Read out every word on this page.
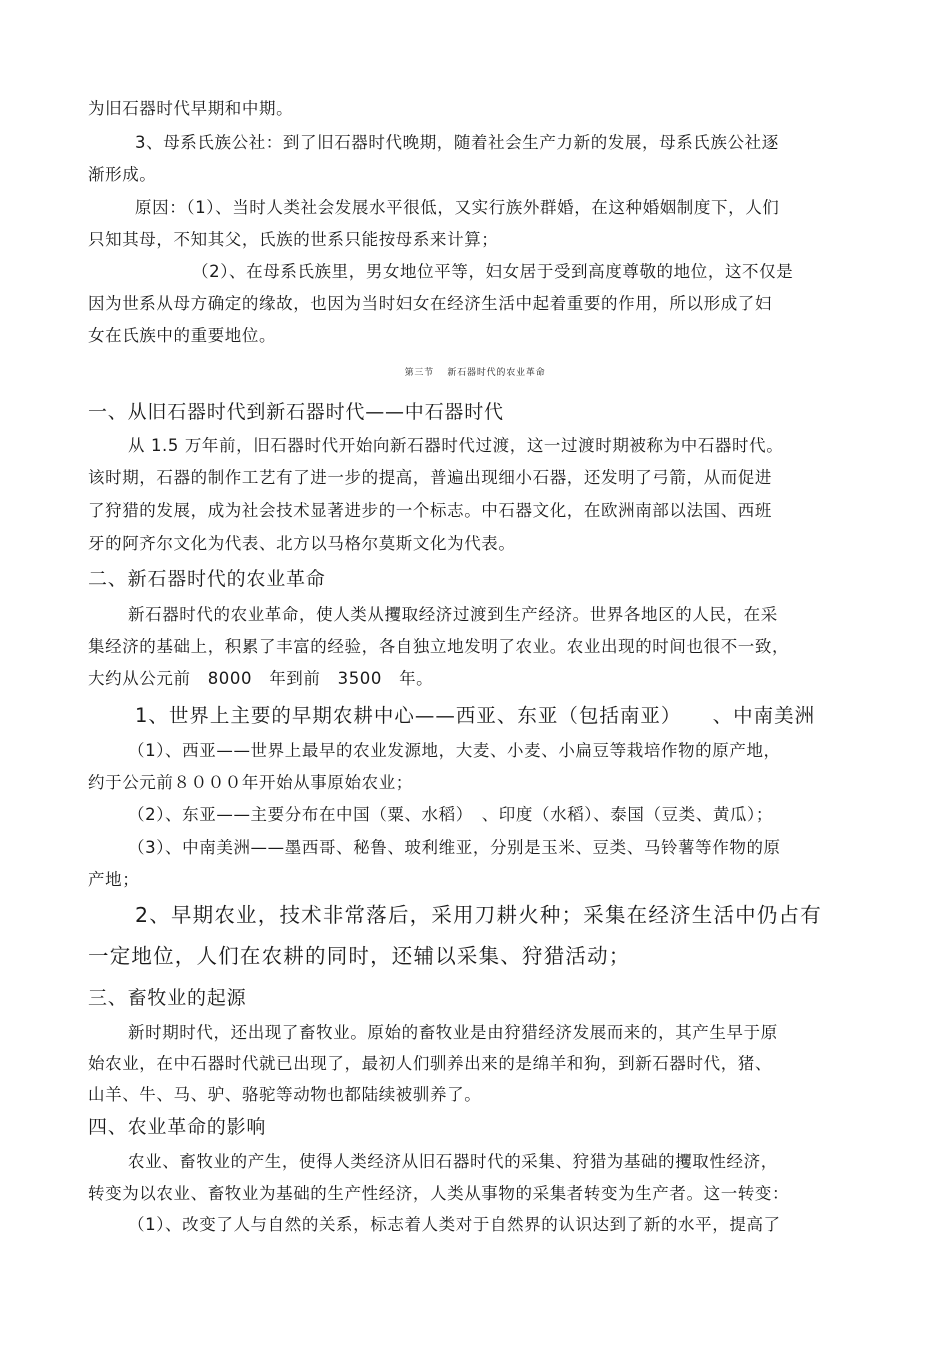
为旧石器时代早期和中期。
3、母系氏族公社：到了旧石器时代晚期，随着社会生产力新的发展，母系氏族公社逐
渐形成。
原因：（1）、当时人类社会发展水平很低，又实行族外群婚，在这种婚姻制度下，人们
只知其母，不知其父，氏族的世系只能按母系来计算；
（2）、在母系氏族里，男女地位平等，妇女居于受到高度尊敬的地位，这不仅是
因为世系从母方确定的缘故，也因为当时妇女在经济生活中起着重要的作用，所以形成了妇
女在氏族中的重要地位。
第三节　 新石器时代的农业革命
一、从旧石器时代到新石器时代——中石器时代
从 1.5 万年前，旧石器时代开始向新石器时代过渡，这一过渡时期被称为中石器时代。
该时期，石器的制作工艺有了进一步的提高，普遍出现细小石器，还发明了弓箭，从而促进
了狩猎的发展，成为社会技术显著进步的一个标志。中石器文化，在欧洲南部以法国、西班
牙的阿齐尔文化为代表、北方以马格尔莫斯文化为代表。
二、新石器时代的农业革命
新石器时代的农业革命，使人类从攫取经济过渡到生产经济。世界各地区的人民，在采
集经济的基础上，积累了丰富的经验，各自独立地发明了农业。农业出现的时间也很不一致，
大约从公元前　8000　年到前　3500　年。
1、世界上主要的早期农耕中心——西亚、东亚（包括南亚）　　、中南美洲
（1）、西亚——世界上最早的农业发源地，大麦、小麦、小扁豆等栽培作物的原产地，
约于公元前８０００年开始从事原始农业；
（2）、东亚——主要分布在中国（粟、水稻）　、印度（水稻）、泰国（豆类、黄瓜）；
（3）、中南美洲——墨西哥、秘鲁、玻利维亚，分别是玉米、豆类、马铃薯等作物的原
产地；
2、早期农业，技术非常落后，采用刀耕火种；采集在经济生活中仍占有
一定地位，人们在农耕的同时，还辅以采集、狩猎活动；
三、畜牧业的起源
新时期时代，还出现了畜牧业。原始的畜牧业是由狩猎经济发展而来的，其产生早于原
始农业，在中石器时代就已出现了，最初人们驯养出来的是绵羊和狗，到新石器时代，猪、
山羊、牛、马、驴、骆驼等动物也都陆续被驯养了。
四、农业革命的影响
农业、畜牧业的产生，使得人类经济从旧石器时代的采集、狩猎为基础的攫取性经济，
转变为以农业、畜牧业为基础的生产性经济，人类从事物的采集者转变为生产者。这一转变：
（1）、改变了人与自然的关系，标志着人类对于自然界的认识达到了新的水平，提高了
